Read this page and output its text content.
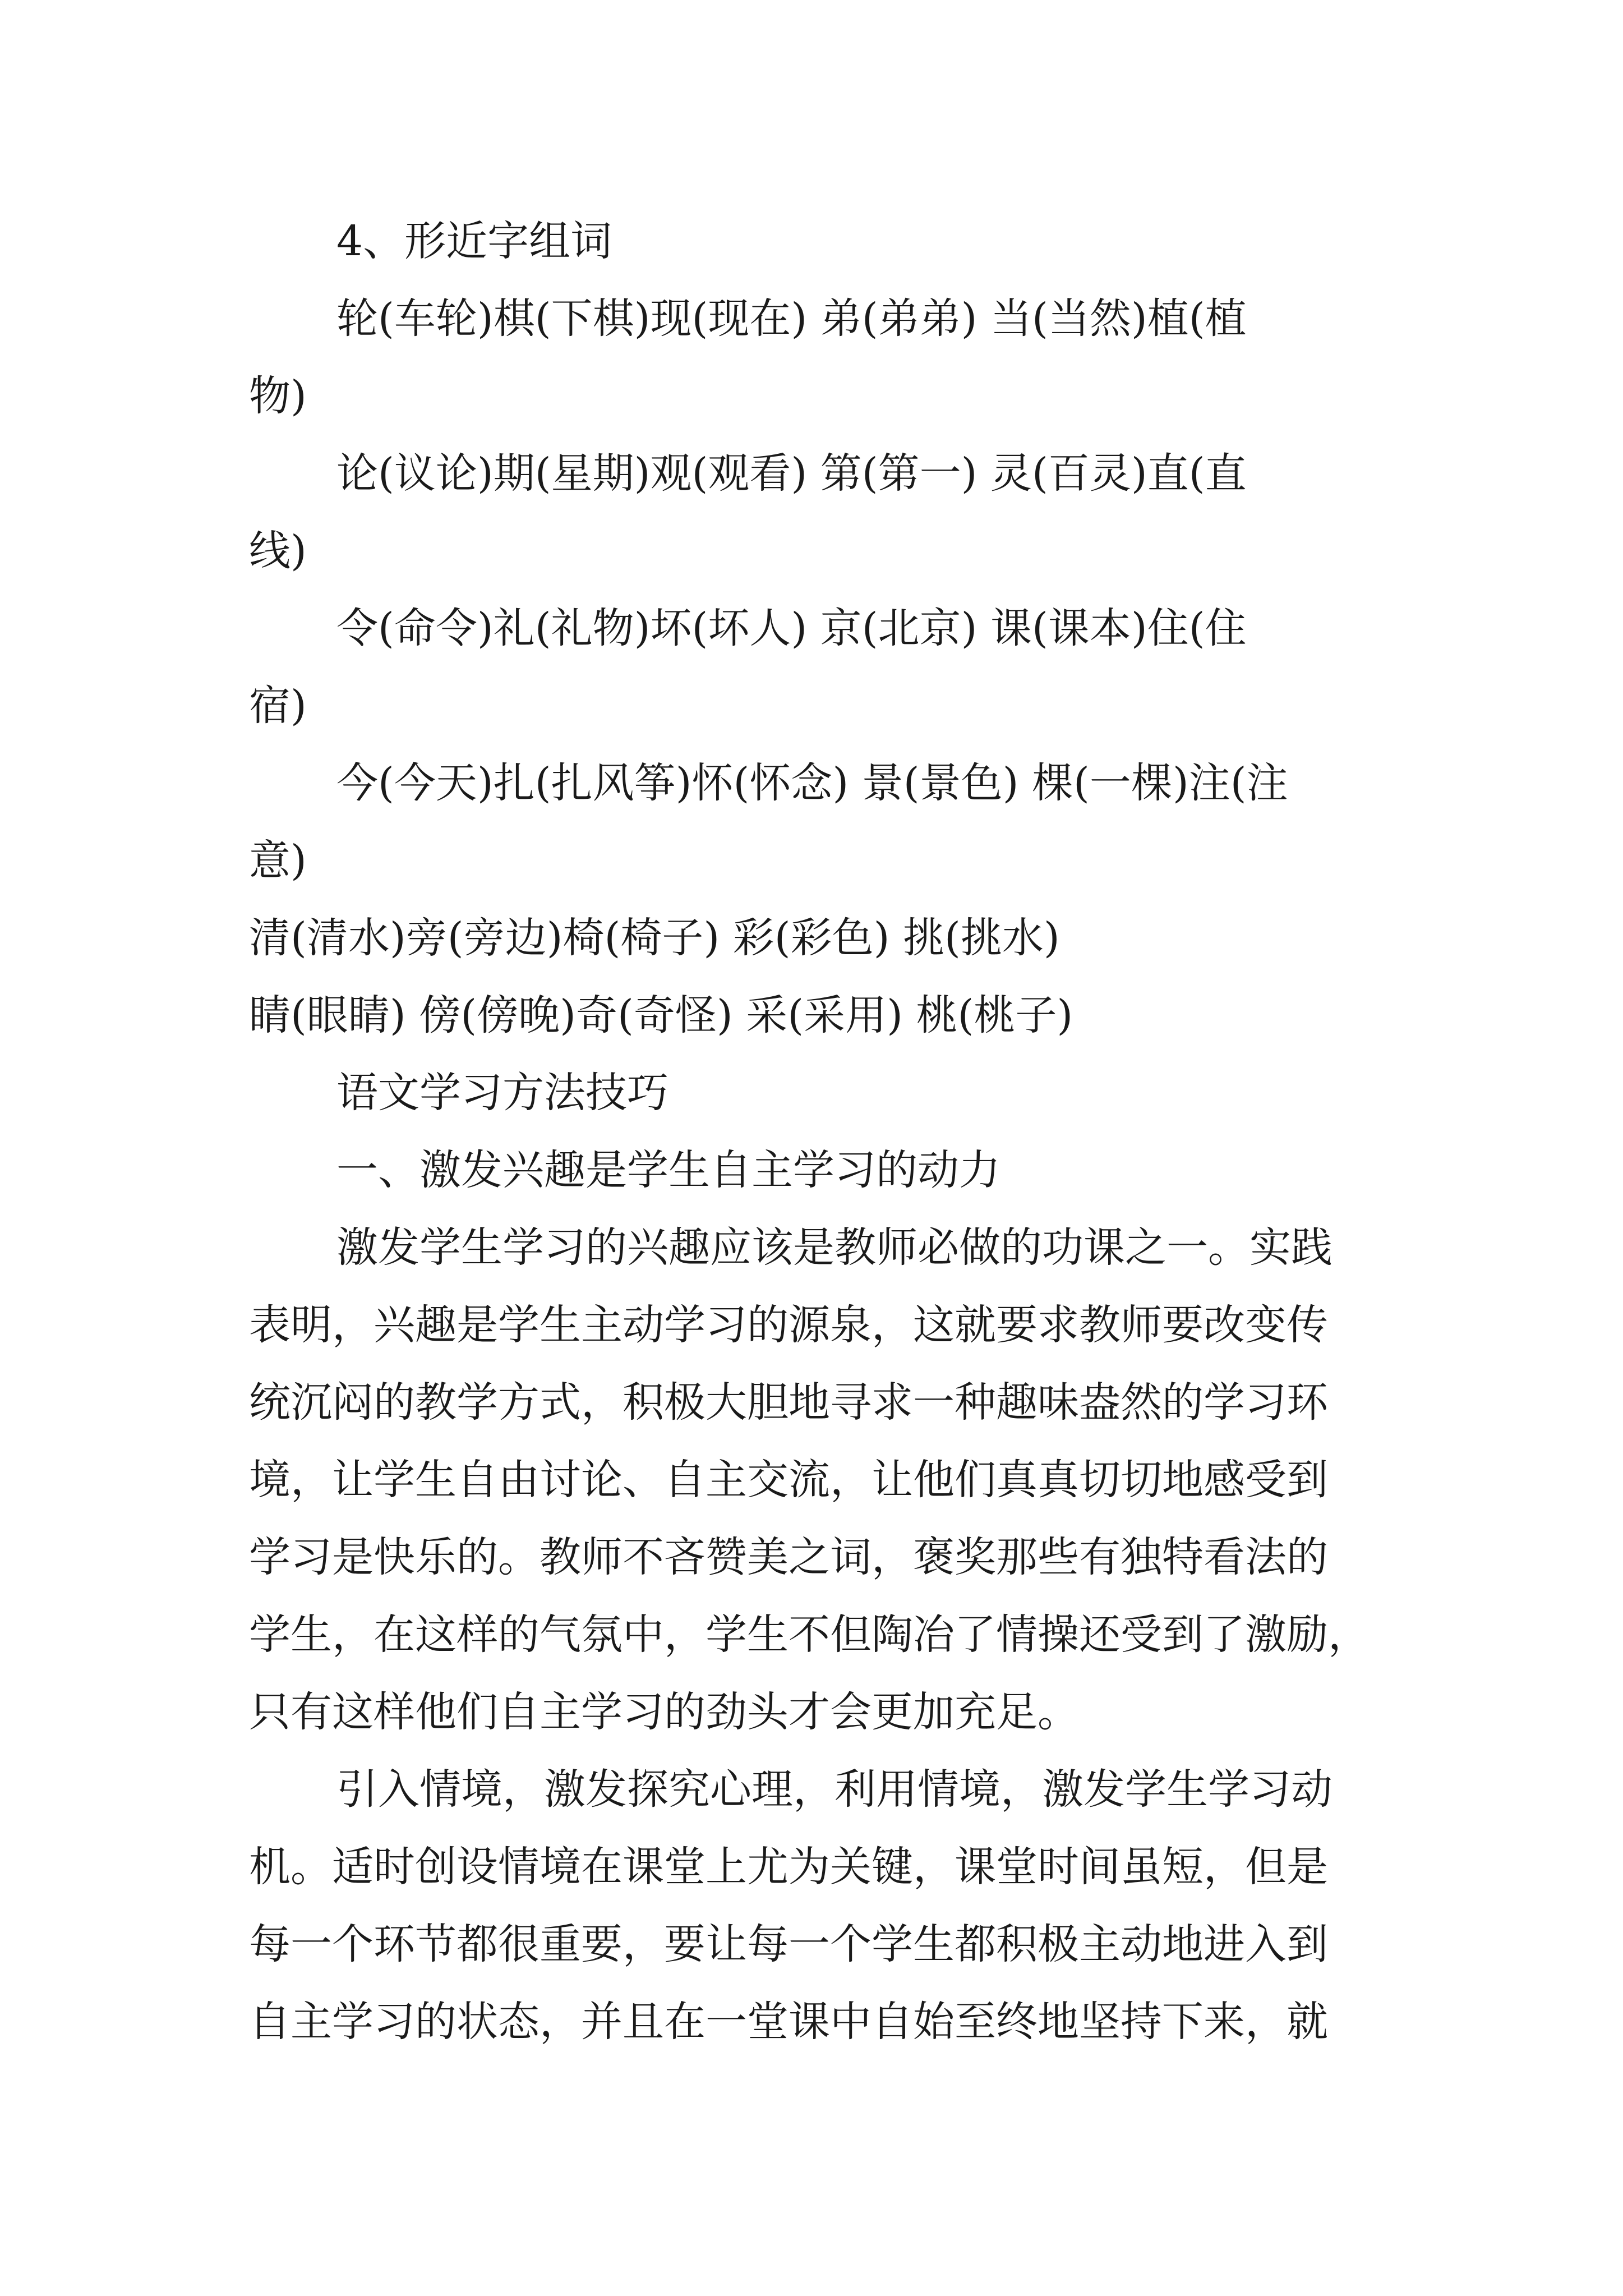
4、形近字组词
轮(车轮)棋(下棋)现(现在) 弟(弟弟) 当(当然)植(植
物)
论(议论)期(星期)观(观看) 第(第一) 灵(百灵)直(直
线)
令(命令)礼(礼物)坏(坏人) 京(北京) 课(课本)住(住
宿)
今(今天)扎(扎风筝)怀(怀念) 景(景色) 棵(一棵)注(注
意)
清(清水)旁(旁边)椅(椅子) 彩(彩色) 挑(挑水)
睛(眼睛) 傍(傍晚)奇(奇怪) 采(采用) 桃(桃子)
语文学习方法技巧
一、激发兴趣是学生自主学习的动力
激发学生学习的兴趣应该是教师必做的功课之一。实践
表明，兴趣是学生主动学习的源泉，这就要求教师要改变传
统沉闷的教学方式，积极大胆地寻求一种趣味盎然的学习环
境，让学生自由讨论、自主交流，让他们真真切切地感受到
学习是快乐的。教师不吝赞美之词，褒奖那些有独特看法的
学生，在这样的气氛中，学生不但陶冶了情操还受到了激励，
只有这样他们自主学习的劲头才会更加充足。
引入情境，激发探究心理，利用情境，激发学生学习动
机。适时创设情境在课堂上尤为关键，课堂时间虽短，但是
每一个环节都很重要，要让每一个学生都积极主动地进入到
自主学习的状态，并且在一堂课中自始至终地坚持下来，就
